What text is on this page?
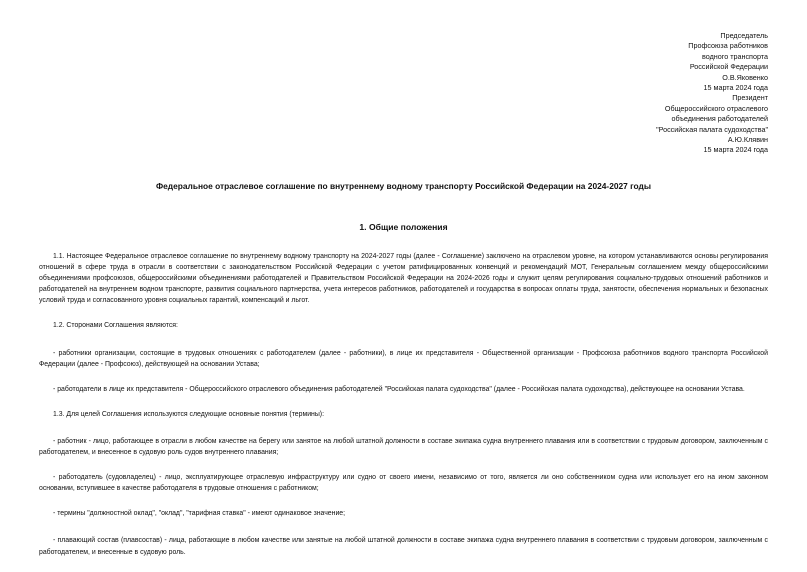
Председатель
Профсоюза работников
водного транспорта
Российской Федерации
О.В.Яковенко
15 марта 2024 года
Президент
Общероссийского отраслевого
объединения работодателей
"Российская палата судоходства"
А.Ю.Клявин
15 марта 2024 года
Федеральное отраслевое соглашение по внутреннему водному транспорту Российской Федерации на 2024-2027 годы
1. Общие положения

1.1. Настоящее Федеральное отраслевое соглашение по внутреннему водному транспорту на 2024-2027 годы (далее - Соглашение) заключено на отраслевом уровне, на котором устанавливаются основы регулирования отношений в сфере труда в отрасли в соответствии с законодательством Российской Федерации с учетом ратифицированных конвенций и рекомендаций МОТ, Генеральным соглашением между общероссийскими объединениями профсоюзов, общероссийскими объединениями работодателей и Правительством Российской Федерации на 2024-2026 годы и служит целям регулирования социально-трудовых отношений работников и работодателей на внутреннем водном транспорте, развития социального партнерства, учета интересов работников, работодателей и государства в вопросах оплаты труда, занятости, обеспечения нормальных и безопасных условий труда и согласованного уровня социальных гарантий, компенсаций и льгот.

1.2. Сторонами Соглашения являются:

- работники организации, состоящие в трудовых отношениях с работодателем (далее - работники), в лице их представителя - Общественной организации - Профсоюза работников водного транспорта Российской Федерации (далее - Профсоюз), действующей на основании Устава;

- работодатели в лице их представителя - Общероссийского отраслевого объединения работодателей "Российская палата судоходства" (далее - Российская палата судоходства), действующее на основании Устава.

1.3. Для целей Соглашения используются следующие основные понятия (термины):

- работник - лицо, работающее в отрасли в любом качестве на берегу или занятое на любой штатной должности в составе экипажа судна внутреннего плавания или в соответствии с трудовым договором, заключенным с работодателем, и внесенное в судовую роль судов внутреннего плавания;

- работодатель (судовладелец) - лицо, эксплуатирующее отраслевую инфраструктуру или судно от своего имени, независимо от того, является ли оно собственником судна или использует его на ином законном основании, вступившее в качестве работодателя в трудовые отношения с работником;

- термины "должностной оклад", "оклад", "тарифная ставка" - имеют одинаковое значение;

- плавающий состав (плавсостав) - лица, работающие в любом качестве или занятые на любой штатной должности в составе экипажа судна внутреннего плавания в соответствии с трудовым договором, заключенным с работодателем, и внесенные в судовую роль.
